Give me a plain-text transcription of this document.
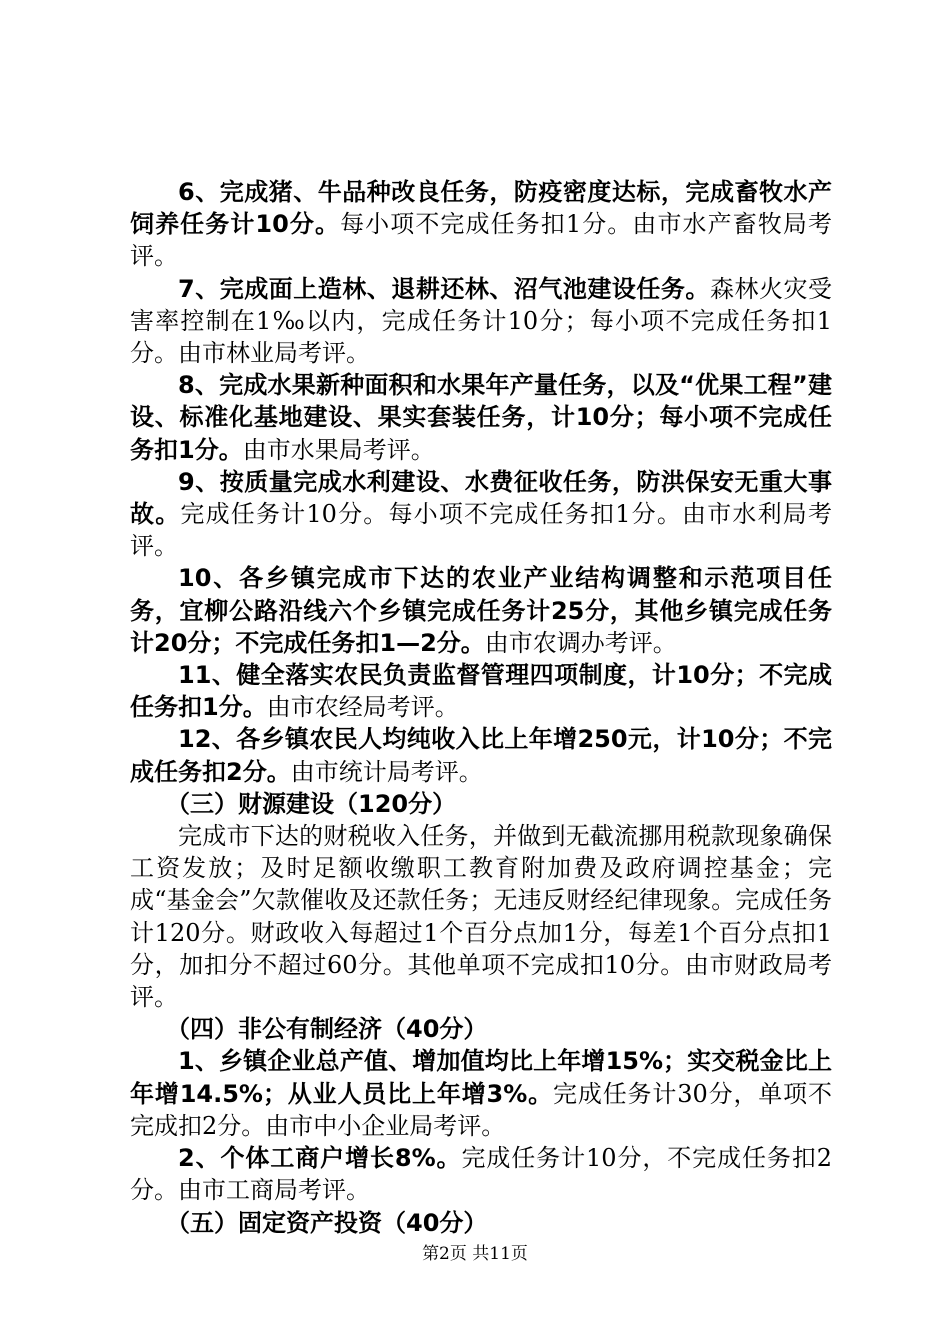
6、完成猪、牛品种改良任务，防疫密度达标，完成畜牧水产饲养任务计10分。每小项不完成任务扣1分。由市水产畜牧局考评。

7、完成面上造林、退耕还林、沼气池建设任务。森林火灾受害率控制在1‰以内，完成任务计10分；每小项不完成任务扣1分。由市林业局考评。

8、完成水果新种面积和水果年产量任务，以及“优果工程”建设、标准化基地建设、果实套装任务，计10分；每小项不完成任务扣1分。由市水果局考评。

9、按质量完成水利建设、水费征收任务，防洪保安无重大事故。完成任务计10分。每小项不完成任务扣1分。由市水利局考评。

10、各乡镇完成市下达的农业产业结构调整和示范项目任务，宜柳公路沿线六个乡镇完成任务计25分，其他乡镇完成任务计20分；不完成任务扣1—2分。由市农调办考评。

11、健全落实农民负责监督管理四项制度，计10分；不完成任务扣1分。由市农经局考评。

12、各乡镇农民人均纯收入比上年增250元，计10分；不完成任务扣2分。由市统计局考评。

（三）财源建设（120分）

完成市下达的财税收入任务，并做到无截流挪用税款现象确保工资发放；及时足额收缴职工教育附加费及政府调控基金；完成“基金会”欠款催收及还款任务；无违反财经纪律现象。完成任务计120分。财政收入每超过1个百分点加1分，每差1个百分点扣1分，加扣分不超过60分。其他单项不完成扣10分。由市财政局考评。

（四）非公有制经济（40分）

1、乡镇企业总产值、增加值均比上年增15%；实交税金比上年增14.5%；从业人员比上年增3%。完成任务计30分，单项不完成扣2分。由市中小企业局考评。

2、个体工商户增长8%。完成任务计10分，不完成任务扣2分。由市工商局考评。

（五）固定资产投资（40分）

第2页 共11页
